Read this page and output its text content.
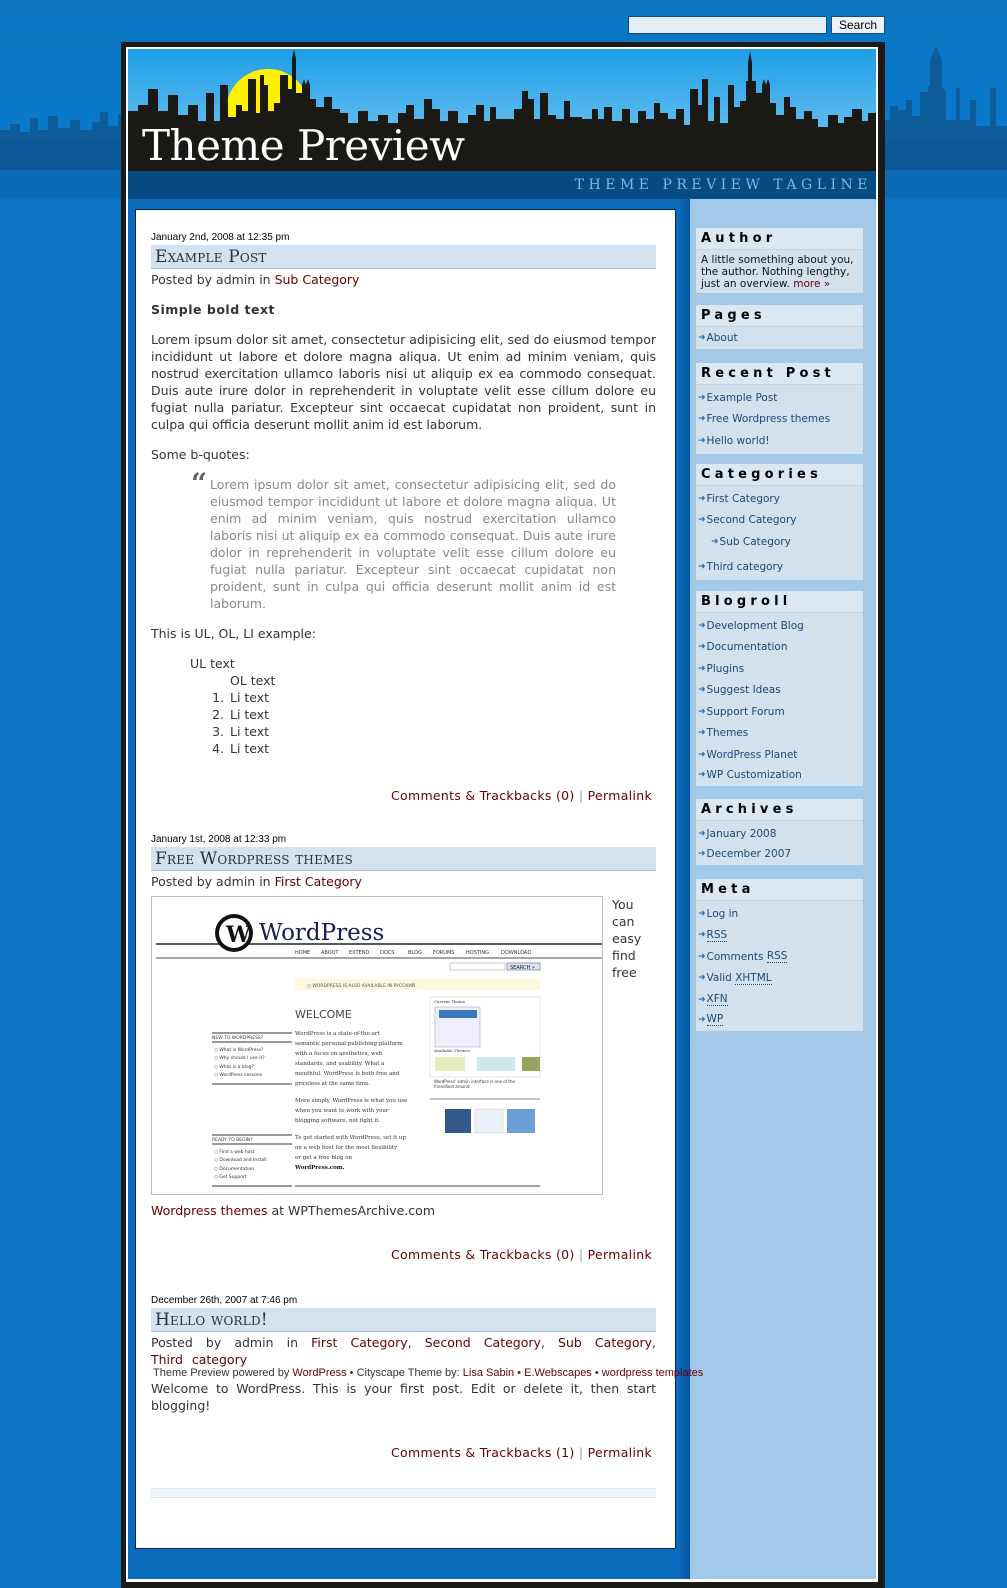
Search
Theme Preview
THEME PREVIEW TAGLINE
January 2nd, 2008 at 12:35 pm
Example Post
Posted by admin in Sub Category

Simple bold text

Lorem ipsum dolor sit amet, consectetur adipisicing elit, sed do eiusmod tempor incididunt ut labore et dolore magna aliqua. Ut enim ad minim veniam, quis nostrud exercitation ullamco laboris nisi ut aliquip ex ea commodo consequat. Duis aute irure dolor in reprehenderit in voluptate velit esse cillum dolore eu fugiat nulla pariatur. Excepteur sint occaecat cupidatat non proident, sunt in culpa qui officia deserunt mollit anim id est laborum.

Some b-quotes:

“ Lorem ipsum dolor sit amet, consectetur adipisicing elit, sed do eiusmod tempor incididunt ut labore et dolore magna aliqua. Ut enim ad minim veniam, quis nostrud exercitation ullamco laboris nisi ut aliquip ex ea commodo consequat. Duis aute irure dolor in reprehenderit in voluptate velit esse cillum dolore eu fugiat nulla pariatur. Excepteur sint occaecat cupidatat non proident, sunt in culpa qui officia deserunt mollit anim id est laborum.

This is UL, OL, LI example:

UL text
OL text
1. Li text
2. Li text
3. Li text
4. Li text
Comments & Trackbacks (0) | Permalink
January 1st, 2008 at 12:33 pm
Free Wordpress themes
Posted by admin in First Category
W WordPress
HOME ABOUT EXTEND DOCS	BLOG FORUMS HOSTING DOWNLOAD
SEARCH »
○ WORDPRESS IS ALSO AVAILABLE IN РУССКИЙ.
WELCOME
WordPress is a state-of-the-art
semantic personal publishing platform
with a focus on aesthetics, web
standards, and usability. What a
mouthful. WordPress is both free and
priceless at the same time.
More simply, WordPress is what you use
when you want to work with your
blogging software, not fight it.
To get started with WordPress, set it up
on a web host for the most flexibility
or get a free blog on
WordPress.com.
NEW TO WORDPRESS?
○ What is WordPress?
○ Why should I use it?
○ What is a blog?
○ WordPress Lessons
READY TO BEGIN?
○ Find a web host
○ Download and Install
○ Documentation
○ Get Support
Current Theme
Available Themes
WordPress' admin interface is one of the
friendliest around.
You can easy find free
Wordpress themes at WPThemesArchive.com
Comments & Trackbacks (0) | Permalink
December 26th, 2007 at 7:46 pm
Hello world!
Posted by admin in First Category, Second Category, Sub Category, Third category

Welcome to WordPress. This is your first post. Edit or delete it, then start blogging!

Comments & Trackbacks (1) | Permalink
Theme Preview powered by WordPress • Cityscape Theme by: Lisa Sabin • E.Webscapes • wordpress templates
Author
A little something about you, the author. Nothing lengthy, just an overview. more »
Pages
➜ About
Recent Post
➜ Example Post
➜ Free Wordpress themes
➜ Hello world!
Categories
➜ First Category
➜ Second Category
➜ Sub Category
➜ Third category
Blogroll
➜ Development Blog
➜ Documentation
➜ Plugins
➜ Suggest Ideas
➜ Support Forum
➜ Themes
➜ WordPress Planet
➜ WP Customization
Archives
➜ January 2008
➜ December 2007
Meta
➜ Log in
➜ RSS
➜ Comments
RSS
➜ Valid
XHTML
➜ XFN
➜ WP
